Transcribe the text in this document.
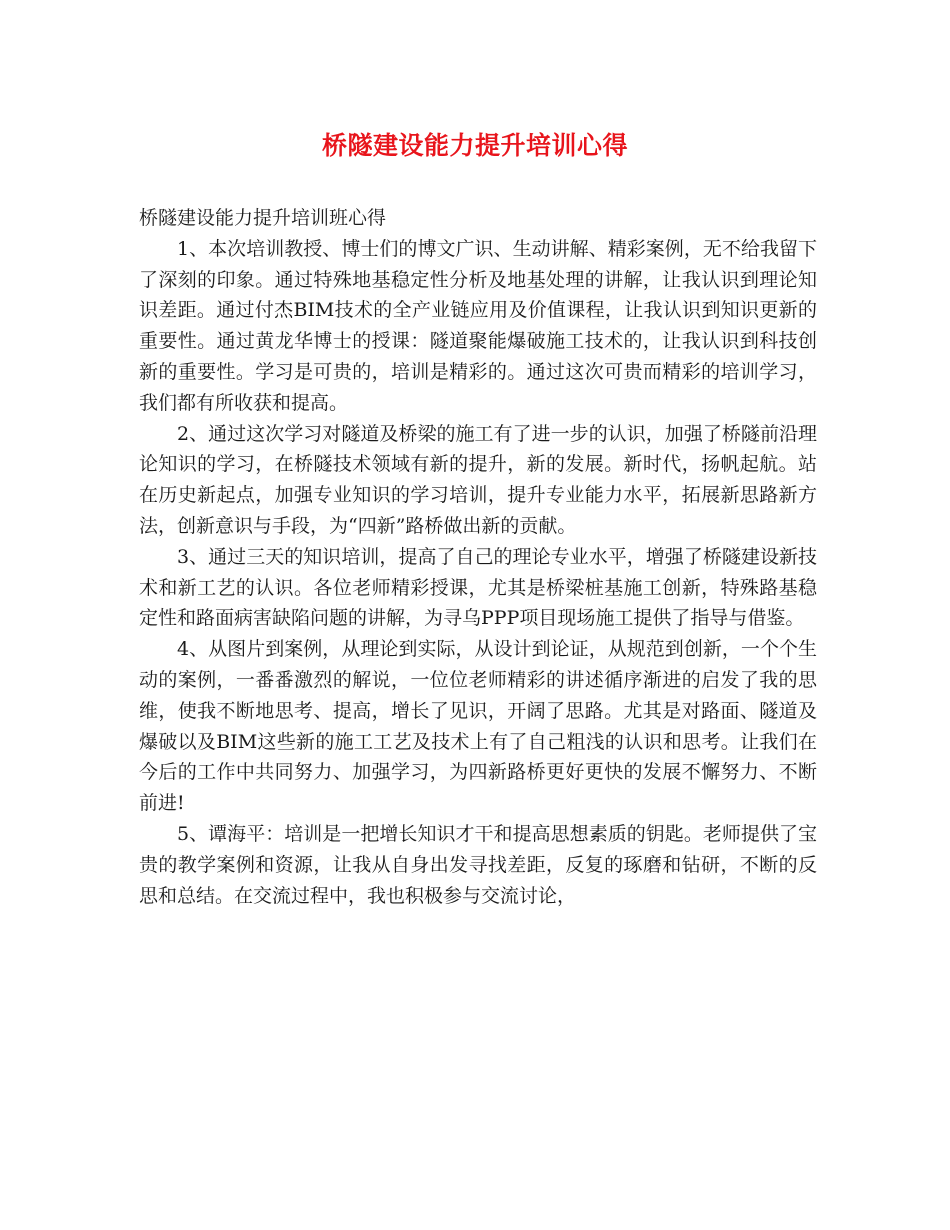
桥隧建设能力提升培训心得

桥隧建设能力提升培训班心得

1、本次培训教授、博士们的博文广识、生动讲解、精彩案例，无不给我留下了深刻的印象。通过特殊地基稳定性分析及地基处理的讲解，让我认识到理论知识差距。通过付杰BIM技术的全产业链应用及价值课程，让我认识到知识更新的重要性。通过黄龙华博士的授课：隧道聚能爆破施工技术的，让我认识到科技创新的重要性。学习是可贵的，培训是精彩的。通过这次可贵而精彩的培训学习，我们都有所收获和提高。

2、通过这次学习对隧道及桥梁的施工有了进一步的认识，加强了桥隧前沿理论知识的学习，在桥隧技术领域有新的提升，新的发展。新时代，扬帆起航。站在历史新起点，加强专业知识的学习培训，提升专业能力水平，拓展新思路新方法，创新意识与手段，为“四新”路桥做出新的贡献。

3、通过三天的知识培训，提高了自己的理论专业水平，增强了桥隧建设新技术和新工艺的认识。各位老师精彩授课，尤其是桥梁桩基施工创新，特殊路基稳定性和路面病害缺陷问题的讲解，为寻乌PPP项目现场施工提供了指导与借鉴。

4、从图片到案例，从理论到实际，从设计到论证，从规范到创新，一个个生动的案例，一番番激烈的解说，一位位老师精彩的讲述循序渐进的启发了我的思维，使我不断地思考、提高，增长了见识，开阔了思路。尤其是对路面、隧道及爆破以及BIM这些新的施工工艺及技术上有了自己粗浅的认识和思考。让我们在今后的工作中共同努力、加强学习，为四新路桥更好更快的发展不懈努力、不断前进!

5、谭海平：培训是一把增长知识才干和提高思想素质的钥匙。老师提供了宝贵的教学案例和资源，让我从自身出发寻找差距，反复的琢磨和钻研，不断的反思和总结。在交流过程中，我也积极参与交流讨论，
